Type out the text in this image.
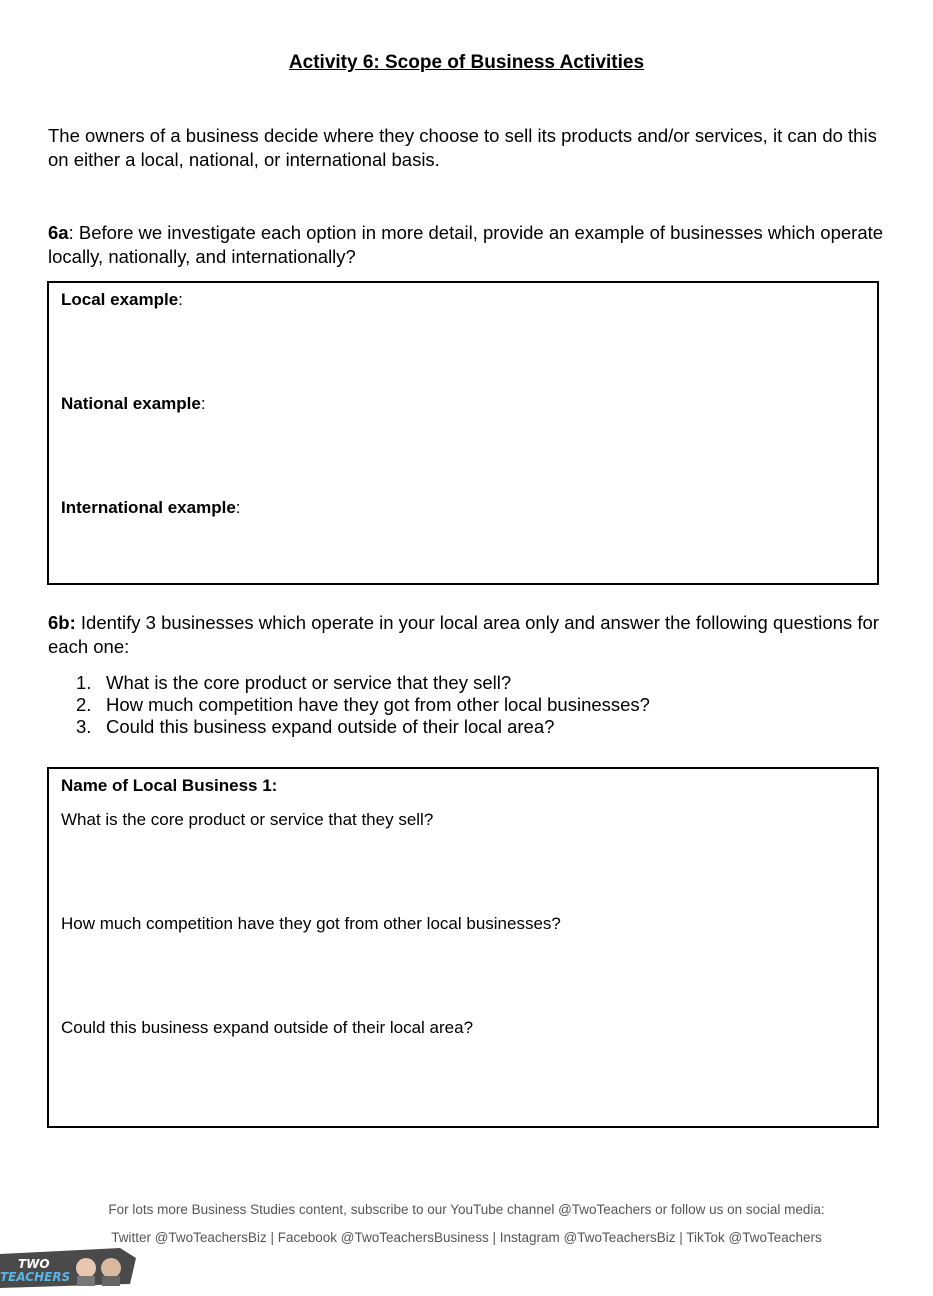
Activity 6: Scope of Business Activities
The owners of a business decide where they choose to sell its products and/or services, it can do this on either a local, national, or international basis.
6a: Before we investigate each option in more detail, provide an example of businesses which operate locally, nationally, and internationally?
Local example:
National example:
International example:
6b: Identify 3 businesses which operate in your local area only and answer the following questions for each one:
1. What is the core product or service that they sell?
2. How much competition have they got from other local businesses?
3. Could this business expand outside of their local area?
Name of Local Business 1:
What is the core product or service that they sell?
How much competition have they got from other local businesses?
Could this business expand outside of their local area?
For lots more Business Studies content, subscribe to our YouTube channel @TwoTeachers or follow us on social media:
Twitter @TwoTeachersBiz | Facebook @TwoTeachersBusiness | Instagram @TwoTeachersBiz | TikTok @TwoTeachers
TWO
TEACHERS
